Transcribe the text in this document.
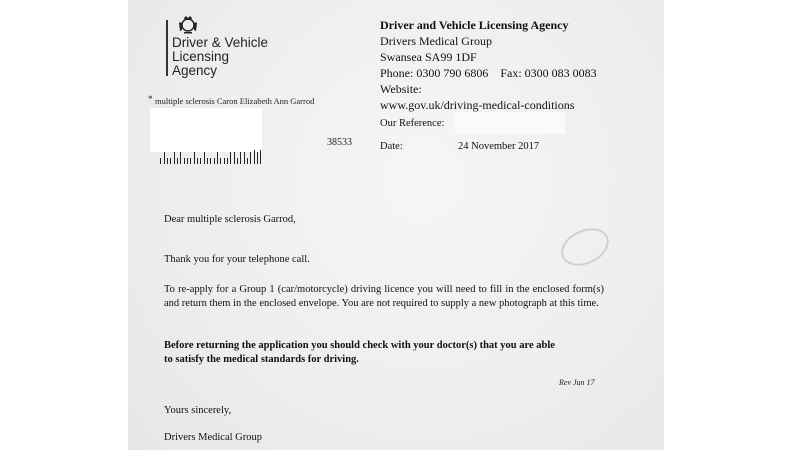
Driver & Vehicle
Licensing
Agency
Driver and Vehicle Licensing Agency
Drivers Medical Group
Swansea SA99 1DF
Phone: 0300 790 6806    Fax: 0300 083 0083
Website:
www.gov.uk/driving-medical-conditions
* multiple sclerosis Caron Elizabeth Ann Garrod
38533
Our Reference:
Date:	24 November 2017
Dear multiple sclerosis Garrod,
Thank you for your telephone call.
To re-apply for a Group 1 (car/motorcycle) driving licence you will need to fill in the enclosed form(s) and return them in the enclosed envelope. You are not required to supply a new photograph at this time.
Before returning the application you should check with your doctor(s) that you are able
to satisfy the medical standards for driving.
Rev Jun 17
Yours sincerely,
Drivers Medical Group
